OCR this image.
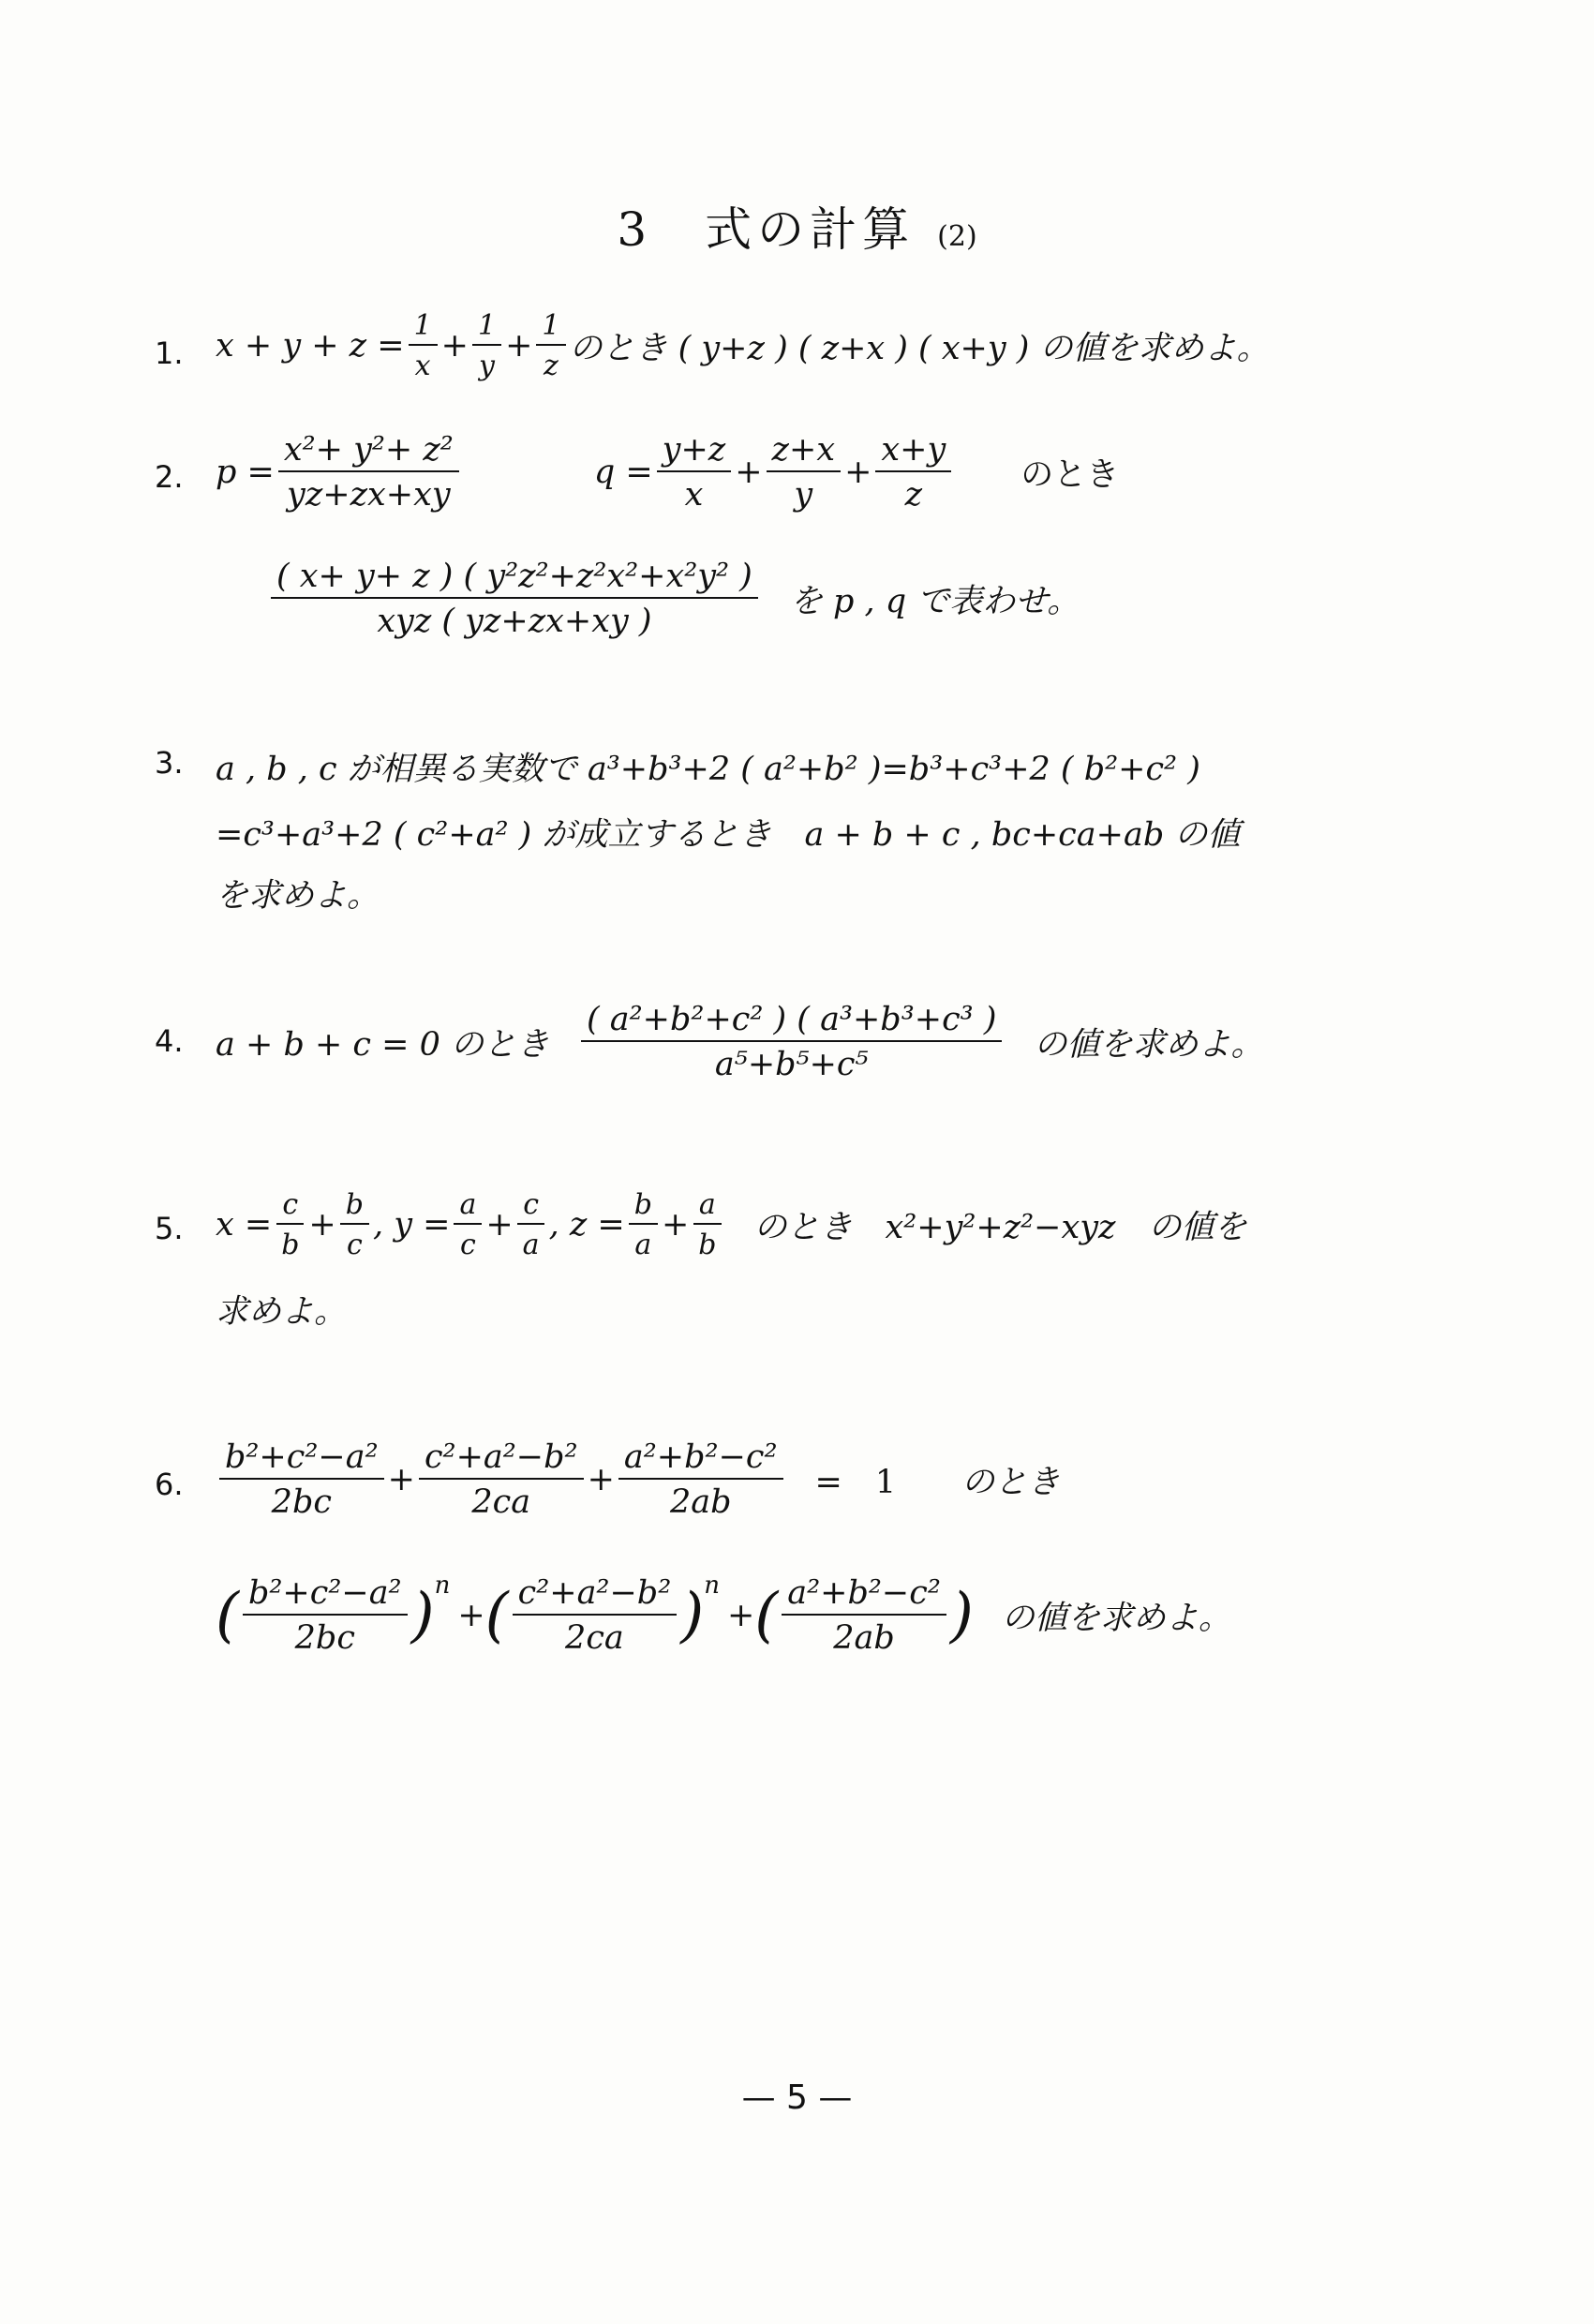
3　式の計算 (2)
1. $x + y + z = \frac{1}{x} + \frac{1}{y} + \frac{1}{z}$ のとき ( y+z ) ( z+x ) ( x+y ) の値を求めよ。
2. $p = \frac{\text{x²+ y²+ z²}}{yz+zx+xy}$	$q = \frac{y+z}{x} + \frac{z+x}{y} + \frac{x+y}{z}$ のとき
$\frac{\text{( x+ y+ z ) ( y²z²+z²x²+x²y² )}}{\text{xyz ( yz+zx+xy )}}$ を p , q で表わせ。
3. a , b , c が相異る実数で a³+b³+2 ( a²+b² )=b³+c³+2 ( b²+c² )
=c³+a³+2 ( c²+a² ) が成立するとき　a + b + c , bc+ca+ab の値
を求めよ。
4. a + b + c = 0 のとき $\frac{\text{( a²+b²+c² ) ( a³+b³+c³ )}}{\text{a⁵+b⁵+c⁵}}$ の値を求めよ。
5. $x = \frac{c}{b} + \frac{b}{c}$ , $y = \frac{a}{c} + \frac{c}{a}$ , $z = \frac{b}{a} + \frac{a}{b}$ のとき　x²+y²+z²−xyz　の値を
求めよ。
6. $\frac{\text{b²+c²−a²}}{2bc} + \frac{\text{c²+a²−b²}}{2ca} + \frac{\text{a²+b²−c²}}{2ab}$ =　1 のとき
( $\frac{\text{b²+c²−a²}}{2bc}$ ) n
+ ( $\frac{\text{c²+a²−b²}}{2ca}$ ) n
+ ( $\frac{\text{a²+b²−c²}}{2ab}$ ) の値を求めよ。
— 5 —
